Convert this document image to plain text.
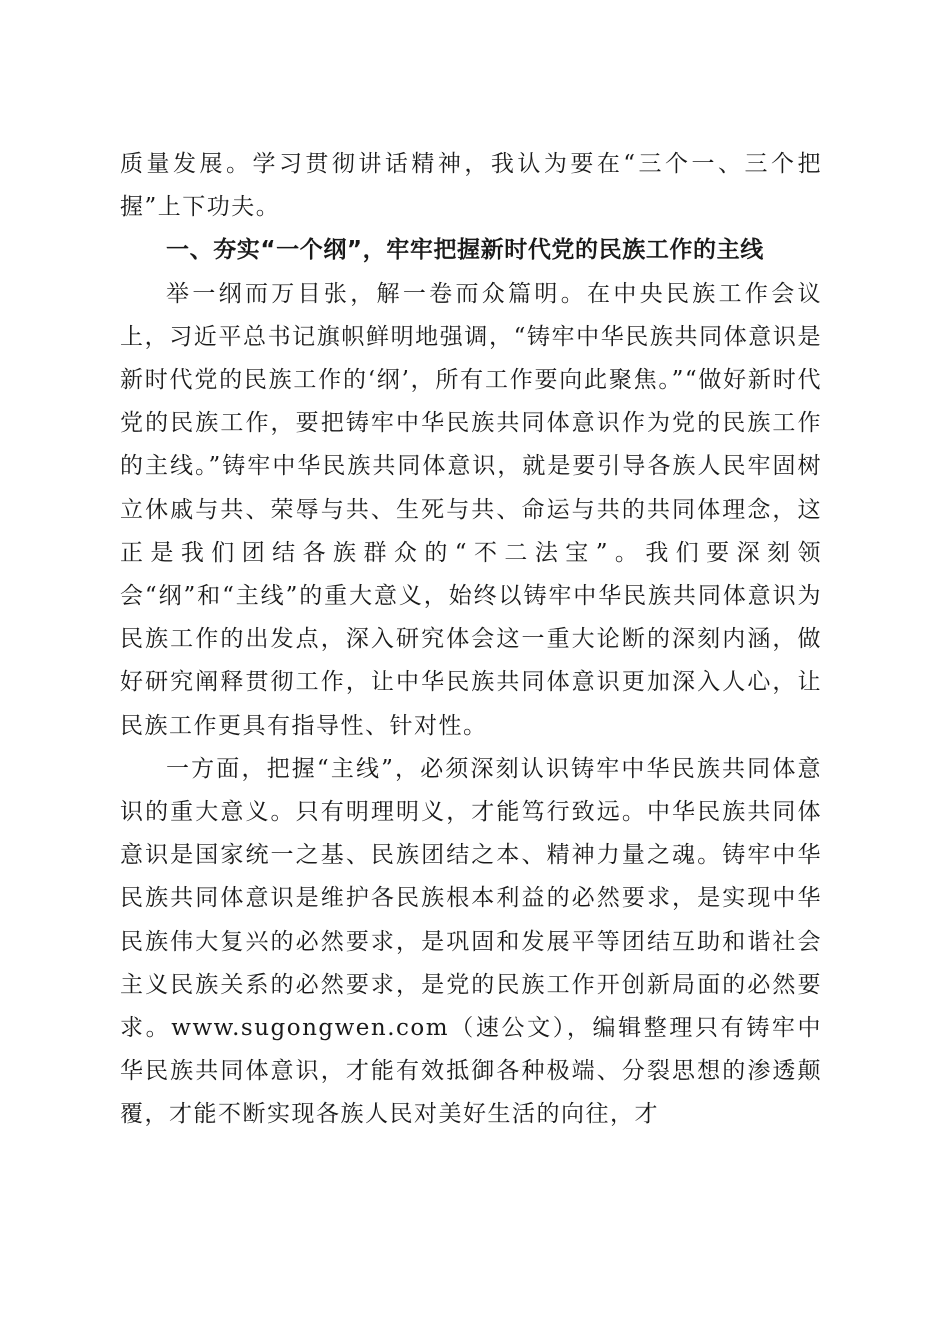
质量发展。学习贯彻讲话精神，我认为要在“三个一、三个把握”上下功夫。

一、夯实“一个纲”，牢牢把握新时代党的民族工作的主线

举一纲而万目张，解一卷而众篇明。在中央民族工作会议上，习近平总书记旗帜鲜明地强调，“铸牢中华民族共同体意识是新时代党的民族工作的‘纲’，所有工作要向此聚焦。”“做好新时代党的民族工作，要把铸牢中华民族共同体意识作为党的民族工作的主线。”铸牢中华民族共同体意识，就是要引导各族人民牢固树立休戚与共、荣辱与共、生死与共、命运与共的共同体理念，这正是我们团结各族群众的“不二法宝”。我们要深刻领会“纲”和“主线”的重大意义，始终以铸牢中华民族共同体意识为民族工作的出发点，深入研究体会这一重大论断的深刻内涵，做好研究阐释贯彻工作，让中华民族共同体意识更加深入人心，让民族工作更具有指导性、针对性。

一方面，把握“主线”，必须深刻认识铸牢中华民族共同体意识的重大意义。只有明理明义，才能笃行致远。中华民族共同体意识是国家统一之基、民族团结之本、精神力量之魂。铸牢中华民族共同体意识是维护各民族根本利益的必然要求，是实现中华民族伟大复兴的必然要求，是巩固和发展平等团结互助和谐社会主义民族关系的必然要求，是党的民族工作开创新局面的必然要求。www.sugongwen.com（速公文），编辑整理只有铸牢中华民族共同体意识，才能有效抵御各种极端、分裂思想的渗透颠覆，才能不断实现各族人民对美好生活的向往，才
